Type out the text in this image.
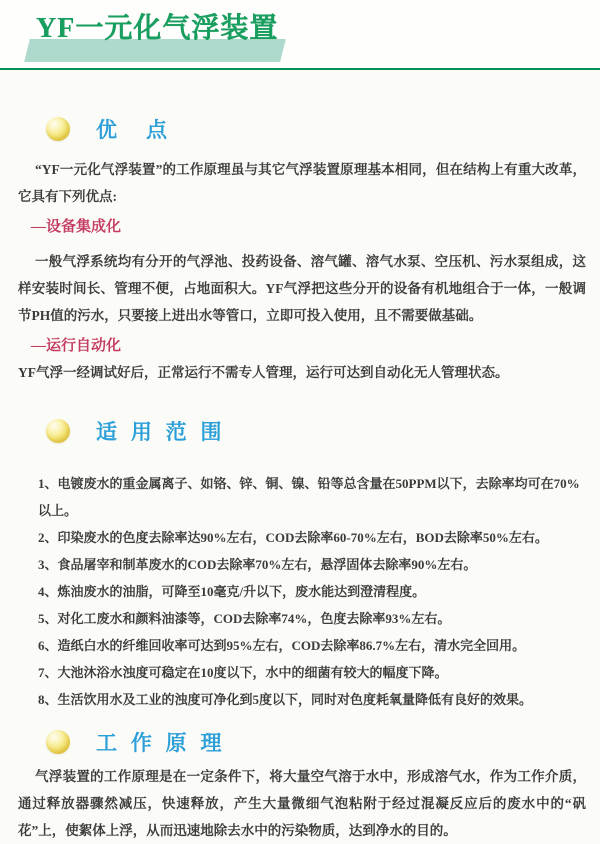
YF一元化气浮装置
优　点

“YF一元化气浮装置”的工作原理虽与其它气浮装置原理基本相同，但在结构上有重大改革，它具有下列优点:

—设备集成化

一般气浮系统均有分开的气浮池、投药设备、溶气罐、溶气水泵、空压机、污水泵组成，这样安装时间长、管理不便，占地面积大。YF气浮把这些分开的设备有机地组合于一体，一般调节PH值的污水，只要接上进出水等管口，立即可投入使用，且不需要做基础。

—运行自动化

YF气浮一经调试好后，正常运行不需专人管理，运行可达到自动化无人管理状态。

适 用 范 围
1、电镀废水的重金属离子、如铬、锌、铜、镍、铅等总含量在50PPM以下，去除率均可在70%以上。
2、印染废水的色度去除率达90%左右，COD去除率60-70%左右，BOD去除率50%左右。
3、食品屠宰和制革废水的COD去除率70%左右，悬浮固体去除率90%左右。
4、炼油废水的油脂，可降至10毫克/升以下，废水能达到澄清程度。
5、对化工废水和颜料油漆等，COD去除率74%，色度去除率93%左右。
6、造纸白水的纤维回收率可达到95%左右，COD去除率86.7%左右，清水完全回用。
7、大池沐浴水浊度可稳定在10度以下，水中的细菌有较大的幅度下降。
8、生活饮用水及工业的浊度可净化到5度以下，同时对色度耗氧量降低有良好的效果。
工 作 原 理

气浮装置的工作原理是在一定条件下，将大量空气溶于水中，形成溶气水，作为工作介质，通过释放器骤然减压，快速释放，产生大量微细气泡粘附于经过混凝反应后的废水中的“矾花”上，使絮体上浮，从而迅速地除去水中的污染物质，达到净水的目的。
